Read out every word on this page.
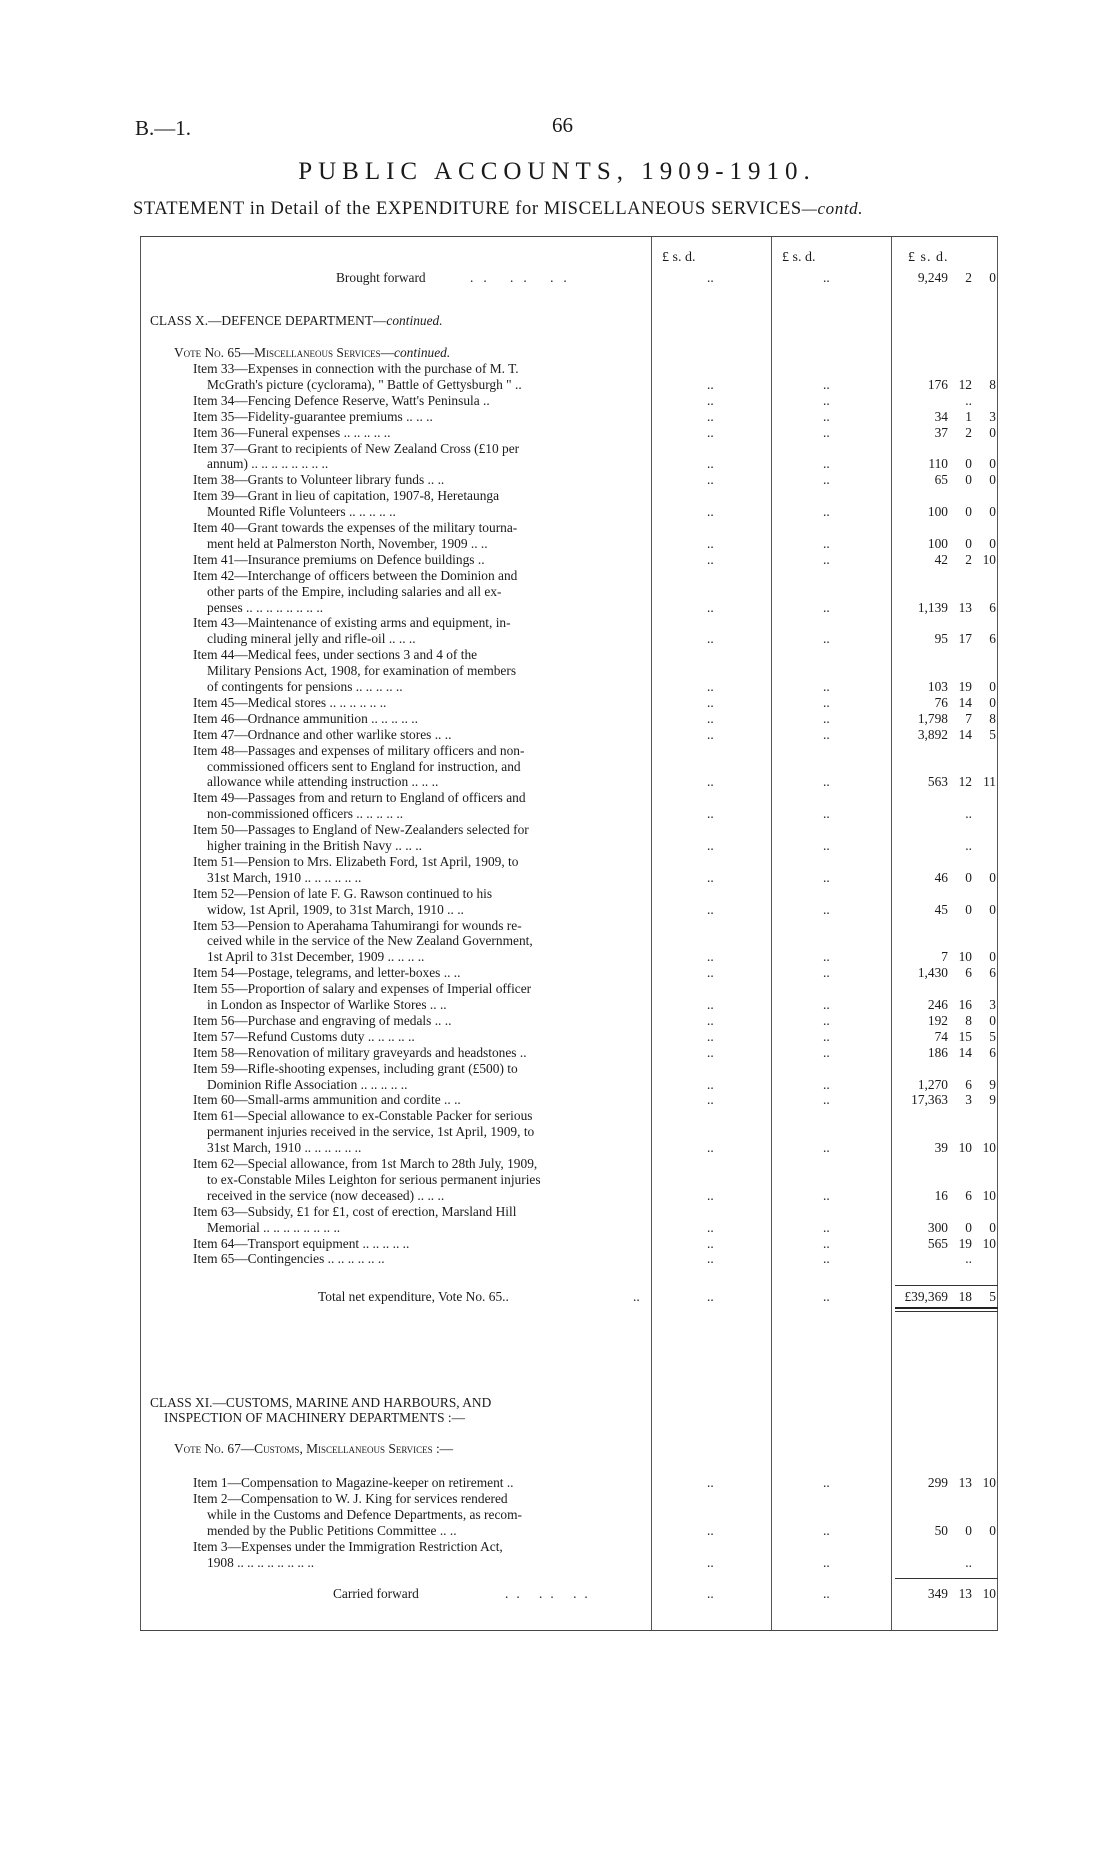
B.—1.	66
PUBLIC ACCOUNTS, 1909-1910.
STATEMENT in Detail of the EXPENDITURE for MISCELLANEOUS SERVICES—contd.
£ s. d.	£ s. d.	£ s. d.
Brought forward	.. .. ..	..	..	9,249 2 0
CLASS X.—DEFENCE DEPARTMENT—continued.
Vote No. 65—Miscellaneous Services—continued.
Item 33—Expenses in connection with the purchase of M. T.
McGrath's picture (cyclorama), " Battle of Gettysburgh " ..	..	..	176 12 8
Item 34—Fencing Defence Reserve, Watt's Peninsula ..	..	..	..
Item 35—Fidelity-guarantee premiums .. .. ..	..	..	34 1 3
Item 36—Funeral expenses .. .. .. .. ..	..	..	37 2 0
Item 37—Grant to recipients of New Zealand Cross (£10 per
annum) .. .. .. .. .. .. .. ..	..	..	110 0 0
Item 38—Grants to Volunteer library funds .. ..	..	..	65 0 0
Item 39—Grant in lieu of capitation, 1907-8, Heretaunga
Mounted Rifle Volunteers .. .. .. .. ..	..	..	100 0 0
Item 40—Grant towards the expenses of the military tourna-
ment held at Palmerston North, November, 1909 .. ..	..	..	100 0 0
Item 41—Insurance premiums on Defence buildings ..	..	..	42 2 10
Item 42—Interchange of officers between the Dominion and
other parts of the Empire, including salaries and all ex-
penses .. .. .. .. .. .. .. ..	..	..	1,139 13 6
Item 43—Maintenance of existing arms and equipment, in-
cluding mineral jelly and rifle-oil .. .. ..	..	..	95 17 6
Item 44—Medical fees, under sections 3 and 4 of the
Military Pensions Act, 1908, for examination of members
of contingents for pensions .. .. .. .. ..	..	..	103 19 0
Item 45—Medical stores .. .. .. .. .. ..	..	..	76 14 0
Item 46—Ordnance ammunition .. .. .. .. ..	..	..	1,798 7 8
Item 47—Ordnance and other warlike stores .. ..	..	..	3,892 14 5
Item 48—Passages and expenses of military officers and non-
commissioned officers sent to England for instruction, and
allowance while attending instruction .. .. ..	..	..	563 12 11
Item 49—Passages from and return to England of officers and
non-commissioned officers .. .. .. .. ..	..	..	..
Item 50—Passages to England of New-Zealanders selected for
higher training in the British Navy .. .. ..	..	..	..
Item 51—Pension to Mrs. Elizabeth Ford, 1st April, 1909, to
31st March, 1910 .. .. .. .. .. ..	..	..	46 0 0
Item 52—Pension of late F. G. Rawson continued to his
widow, 1st April, 1909, to 31st March, 1910 .. ..	..	..	45 0 0
Item 53—Pension to Aperahama Tahumirangi for wounds re-
ceived while in the service of the New Zealand Government,
1st April to 31st December, 1909 .. .. .. ..	..	..	7 10 0
Item 54—Postage, telegrams, and letter-boxes .. ..	..	..	1,430 6 6
Item 55—Proportion of salary and expenses of Imperial officer
in London as Inspector of Warlike Stores .. ..	..	..	246 16 3
Item 56—Purchase and engraving of medals .. ..	..	..	192 8 0
Item 57—Refund Customs duty .. .. .. .. ..	..	..	74 15 5
Item 58—Renovation of military graveyards and headstones ..	..	..	186 14 6
Item 59—Rifle-shooting expenses, including grant (£500) to
Dominion Rifle Association .. .. .. .. ..	..	..	1,270 6 9
Item 60—Small-arms ammunition and cordite .. ..	..	..	17,363 3 9
Item 61—Special allowance to ex-Constable Packer for serious
permanent injuries received in the service, 1st April, 1909, to
31st March, 1910 .. .. .. .. .. ..	..	..	39 10 10
Item 62—Special allowance, from 1st March to 28th July, 1909,
to ex-Constable Miles Leighton for serious permanent injuries
received in the service (now deceased) .. .. ..	..	..	16 6 10
Item 63—Subsidy, £1 for £1, cost of erection, Marsland Hill
Memorial .. .. .. .. .. .. .. ..	..	..	300 0 0
Item 64—Transport equipment .. .. .. .. ..	..	..	565 19 10
Item 65—Contingencies .. .. .. .. .. ..	..	..	..
Total net expenditure, Vote No. 65..	..	..	..	£39,369 18 5
CLASS XI.—CUSTOMS, MARINE AND HARBOURS, AND
INSPECTION OF MACHINERY DEPARTMENTS :—
Vote No. 67—Customs, Miscellaneous Services :—
Item 1—Compensation to Magazine-keeper on retirement ..	..	..	299 13 10
Item 2—Compensation to W. J. King for services rendered
while in the Customs and Defence Departments, as recom-
mended by the Public Petitions Committee .. ..	..	..	50 0 0
Item 3—Expenses under the Immigration Restriction Act,
1908 .. .. .. .. .. .. .. ..	..	..	..
Carried forward	.. .. ..	..	..	349 13 10
